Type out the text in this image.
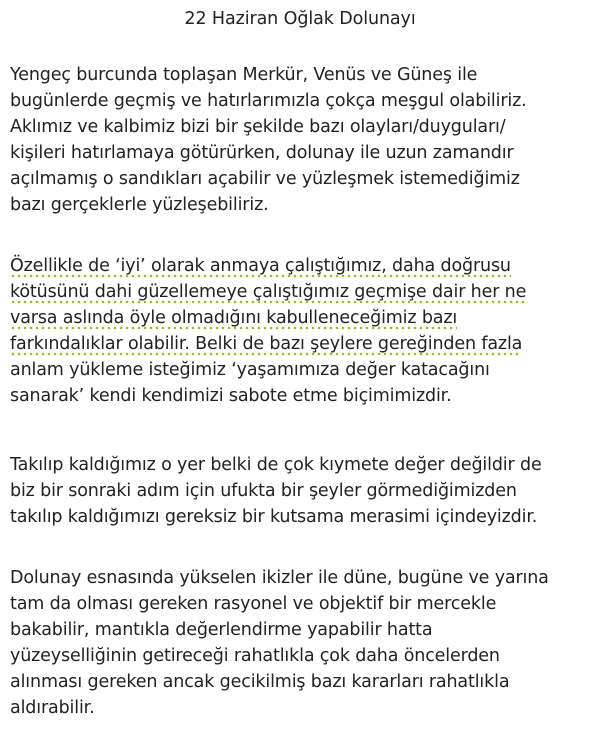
22 Haziran Oğlak Dolunayı

Yengeç burcunda toplaşan Merkür, Venüs ve Güneş ile
bugünlerde geçmiş ve hatırlarımızla çokça meşgul olabiliriz.
Aklımız ve kalbimiz bizi bir şekilde bazı olayları/duyguları/
kişileri hatırlamaya götürürken, dolunay ile uzun zamandır
açılmamış o sandıkları açabilir ve yüzleşmek istemediğimiz
bazı gerçeklerle yüzleşebiliriz.

Özellikle de ‘iyi’ olarak anmaya çalıştığımız, daha doğrusu
kötüsünü dahi güzellemeye çalıştığımız geçmişe dair her ne
varsa aslında öyle olmadığını kabulleneceğimiz bazı
farkındalıklar olabilir. Belki de bazı şeylere gereğinden fazla
anlam yükleme isteğimiz ‘yaşamımıza değer katacağını
sanarak’ kendi kendimizi sabote etme biçimimizdir.

Takılıp kaldığımız o yer belki de çok kıymete değer değildir de
biz bir sonraki adım için ufukta bir şeyler görmediğimizden
takılıp kaldığımızı gereksiz bir kutsama merasimi içindeyizdir.

Dolunay esnasında yükselen ikizler ile düne, bugüne ve yarına
tam da olması gereken rasyonel ve objektif bir mercekle
bakabilir, mantıkla değerlendirme yapabilir hatta
yüzeyselliğinin getireceği rahatlıkla çok daha öncelerden
alınması gereken ancak gecikilmiş bazı kararları rahatlıkla
aldırabilir.
